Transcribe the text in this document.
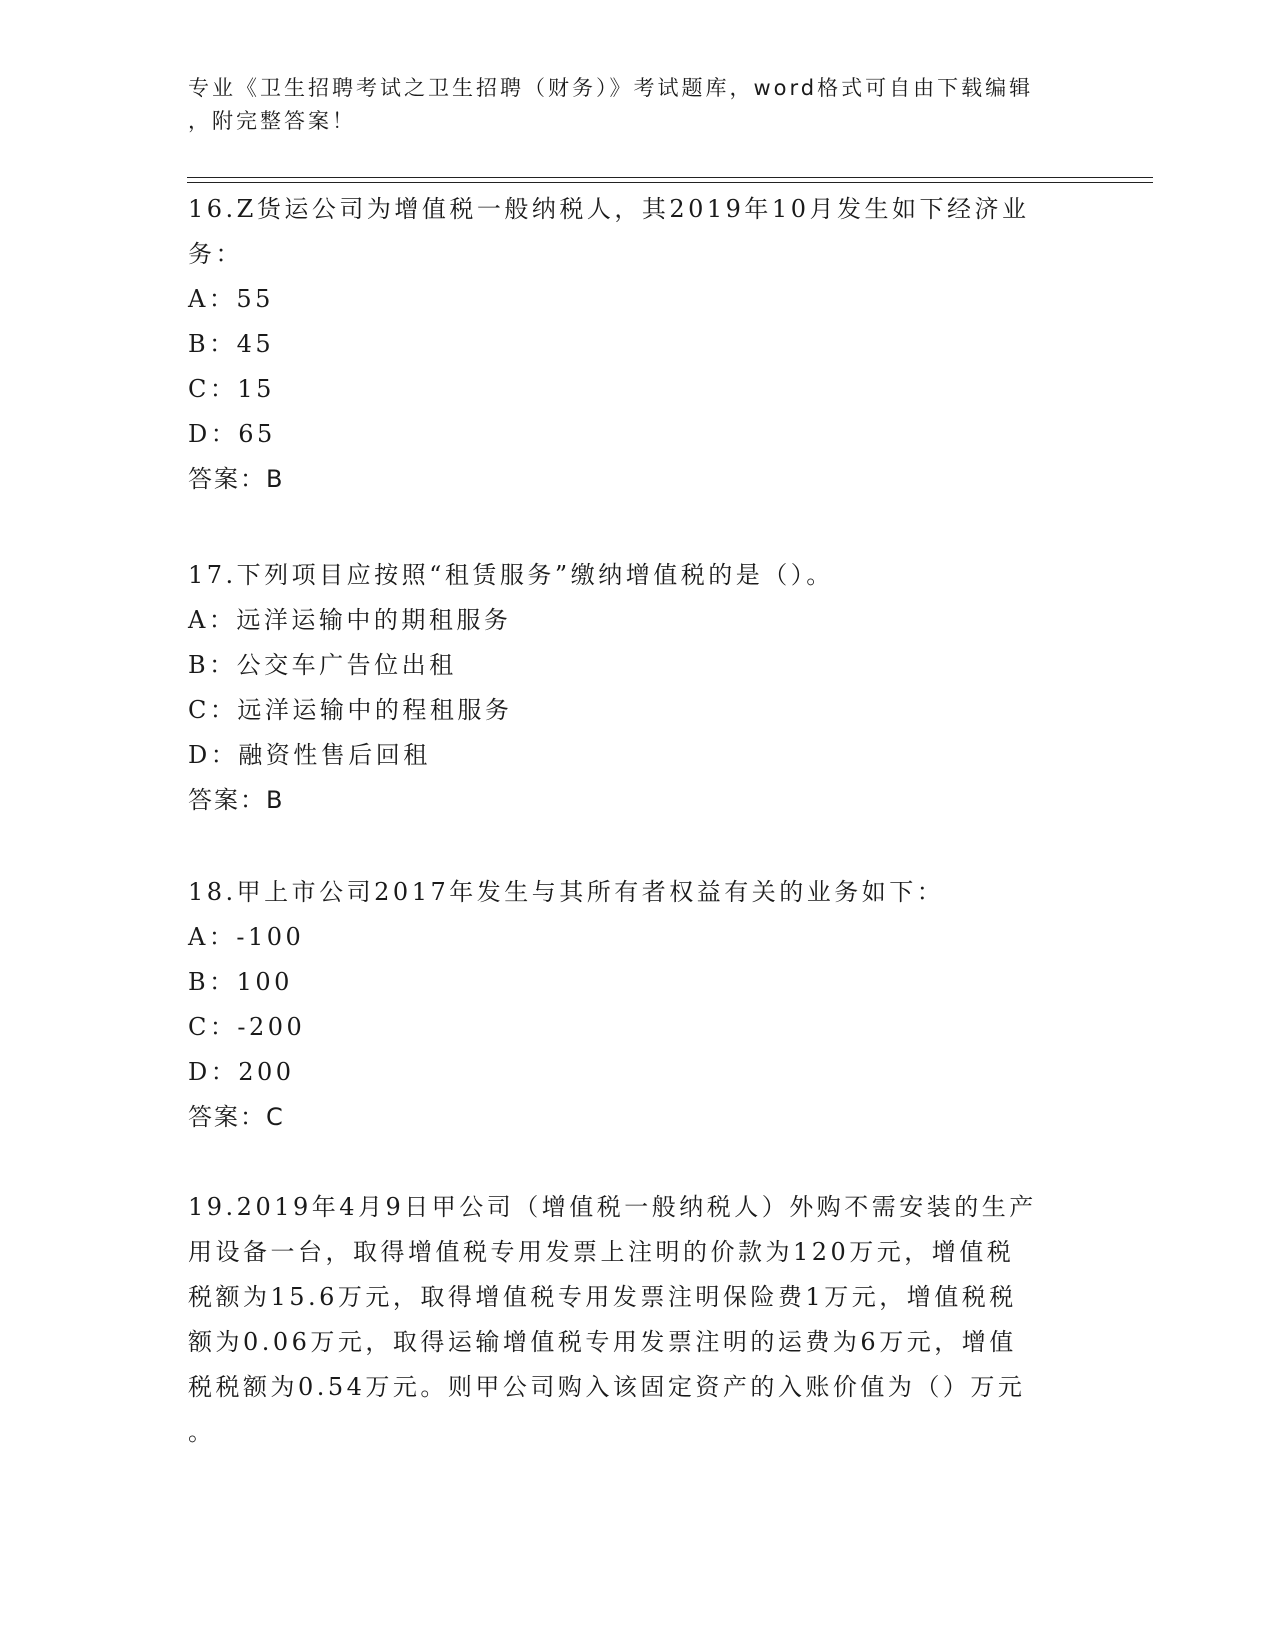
专业《卫生招聘考试之卫生招聘（财务）》考试题库，word格式可自由下载编辑
，附完整答案！

16.Z货运公司为增值税一般纳税人，其2019年10月发生如下经济业

务：

A：55

B：45

C：15

D：65

答案：B

17.下列项目应按照“租赁服务”缴纳增值税的是（）。

A：远洋运输中的期租服务

B：公交车广告位出租

C：远洋运输中的程租服务

D：融资性售后回租

答案：B

18.甲上市公司2017年发生与其所有者权益有关的业务如下：

A：-100

B：100

C：-200

D：200

答案：C

19.2019年4月9日甲公司（增值税一般纳税人）外购不需安装的生产

用设备一台，取得增值税专用发票上注明的价款为120万元，增值税

税额为15.6万元，取得增值税专用发票注明保险费1万元，增值税税

额为0.06万元，取得运输增值税专用发票注明的运费为6万元，增值

税税额为0.54万元。则甲公司购入该固定资产的入账价值为（）万元

。
